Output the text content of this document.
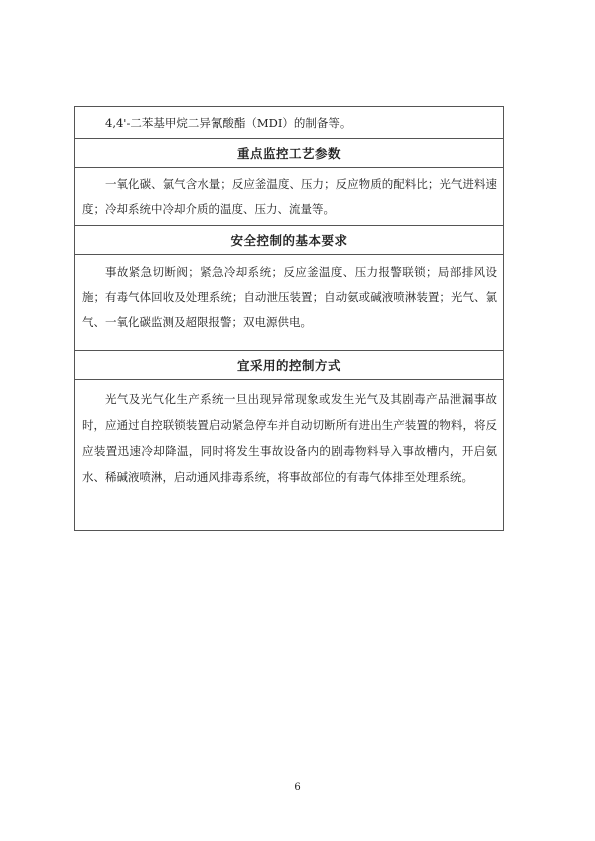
4,4'-二苯基甲烷二异氰酸酯（MDI）的制备等。

重点监控工艺参数

一氧化碳、氯气含水量；反应釜温度、压力；反应物质的配料比；光气进料速度；冷却系统中冷却介质的温度、压力、流量等。

安全控制的基本要求

事故紧急切断阀；紧急冷却系统；反应釜温度、压力报警联锁；局部排风设施；有毒气体回收及处理系统；自动泄压装置；自动氨或碱液喷淋装置；光气、氯气、一氧化碳监测及超限报警；双电源供电。

宜采用的控制方式

光气及光气化生产系统一旦出现异常现象或发生光气及其剧毒产品泄漏事故时，应通过自控联锁装置启动紧急停车并自动切断所有进出生产装置的物料，将反应装置迅速冷却降温，同时将发生事故设备内的剧毒物料导入事故槽内，开启氨水、稀碱液喷淋，启动通风排毒系统，将事故部位的有毒气体排至处理系统。

6
